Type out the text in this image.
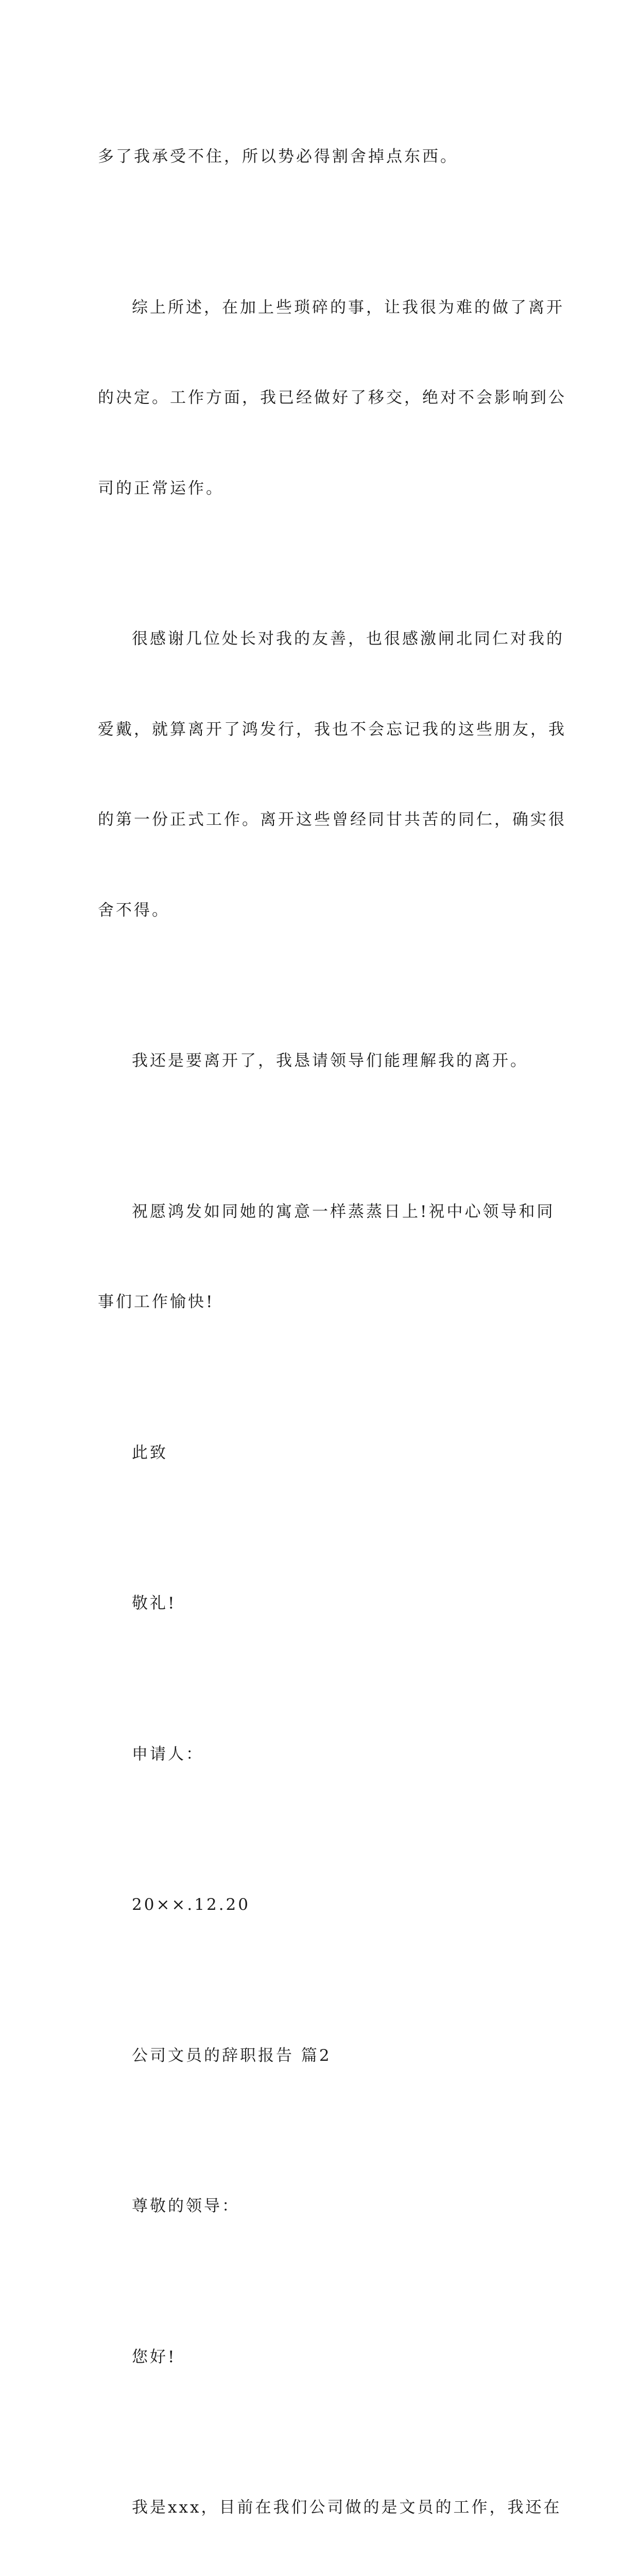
多了我承受不住，所以势必得割舍掉点东西。

综上所述，在加上些琐碎的事，让我很为难的做了离开

的决定。工作方面，我已经做好了移交，绝对不会影响到公

司的正常运作。

很感谢几位处长对我的友善，也很感激闸北同仁对我的

爱戴，就算离开了鸿发行，我也不会忘记我的这些朋友，我

的第一份正式工作。离开这些曾经同甘共苦的同仁，确实很

舍不得。

我还是要离开了，我恳请领导们能理解我的离开。

祝愿鸿发如同她的寓意一样蒸蒸日上!祝中心领导和同

事们工作愉快!

此致

敬礼!

申请人：

20××.12.20

公司文员的辞职报告 篇2

尊敬的领导：

您好!

我是xxx，目前在我们公司做的是文员的工作，我还在
